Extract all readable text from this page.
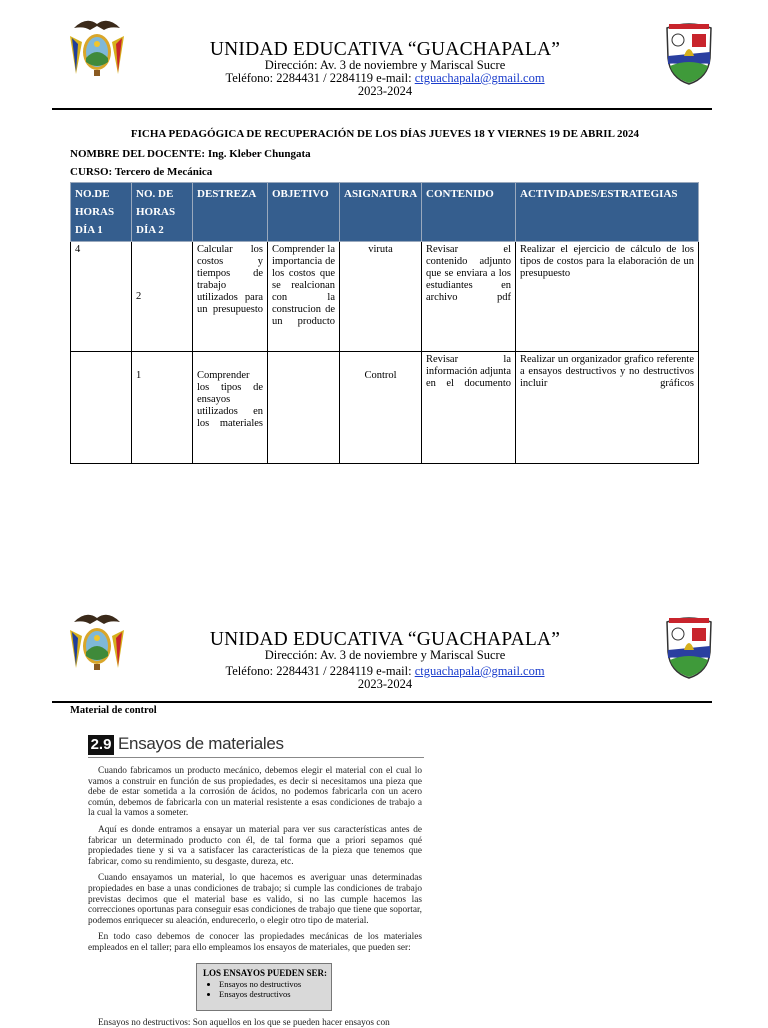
UNIDAD EDUCATIVA “GUACHAPALA”
Dirección: Av. 3 de noviembre y Mariscal Sucre
Teléfono: 2284431 / 2284119 e-mail: ctguachapala@gmail.com
2023-2024
FICHA PEDAGÓGICA DE RECUPERACIÓN DE LOS DÍAS JUEVES 18 Y VIERNES 19 DE ABRIL 2024
NOMBRE DEL DOCENTE: Ing. Kleber Chungata
CURSO: Tercero de Mecánica
NO.DE HORAS DÍA 1	NO. DE HORAS DÍA 2	DESTREZA	OBJETIVO	ASIGNATURA	CONTENIDO	ACTIVIDADES/ESTRATEGIAS
4	2	Calcular los costos y tiempos de trabajo utilizados para un presupuesto	Comprender la importancia de los costos que se realcionan con la construcion de un producto	viruta	Revisar el contenido adjunto que se enviara a los estudiantes en archivo pdf	Realizar el ejercicio de cálculo de los tipos de costos para la elaboración de un presupuesto
	1	Comprender los tipos de ensayos utilizados en los materiales		Control	Revisar la información adjunta en el documento	Realizar un organizador grafico referente a ensayos destructivos y no destructivos incluir gráficos
UNIDAD EDUCATIVA “GUACHAPALA”
Dirección: Av. 3 de noviembre y Mariscal Sucre
Teléfono: 2284431 / 2284119 e-mail: ctguachapala@gmail.com
2023-2024
Material de control
2.9 Ensayos de materiales

Cuando fabricamos un producto mecánico, debemos elegir el material con el cual lo vamos a construir en función de sus propiedades, es decir si necesitamos una pieza que debe de estar sometida a la corrosión de ácidos, no podemos fabricarla con un acero común, debemos de fabricarla con un material resistente a esas condiciones de trabajo a la cual la vamos a someter.

Aquí es donde entramos a ensayar un material para ver sus características antes de fabricar un determinado producto con él, de tal forma que a priori sepamos qué propiedades tiene y si va a satisfacer las características de la pieza que tenemos que fabricar, como su rendimiento, su desgaste, dureza, etc.

Cuando ensayamos un material, lo que hacemos es averiguar unas determinadas propiedades en base a unas condiciones de trabajo; si cumple las condiciones de trabajo previstas decimos que el material base es valido, si no las cumple hacemos las correcciones oportunas para conseguir esas condiciones de trabajo que tiene que soportar, podemos enriquecer su aleación, endurecerlo, o elegir otro tipo de material.

En todo caso debemos de conocer las propiedades mecánicas de los materiales empleados en el taller; para ello empleamos los ensayos de materiales, que pueden ser:

LOS ENSAYOS PUEDEN SER:
• Ensayos no destructivos
• Ensayos destructivos
Ensayos no destructivos: Son aquellos en los que se pueden hacer ensayos con
